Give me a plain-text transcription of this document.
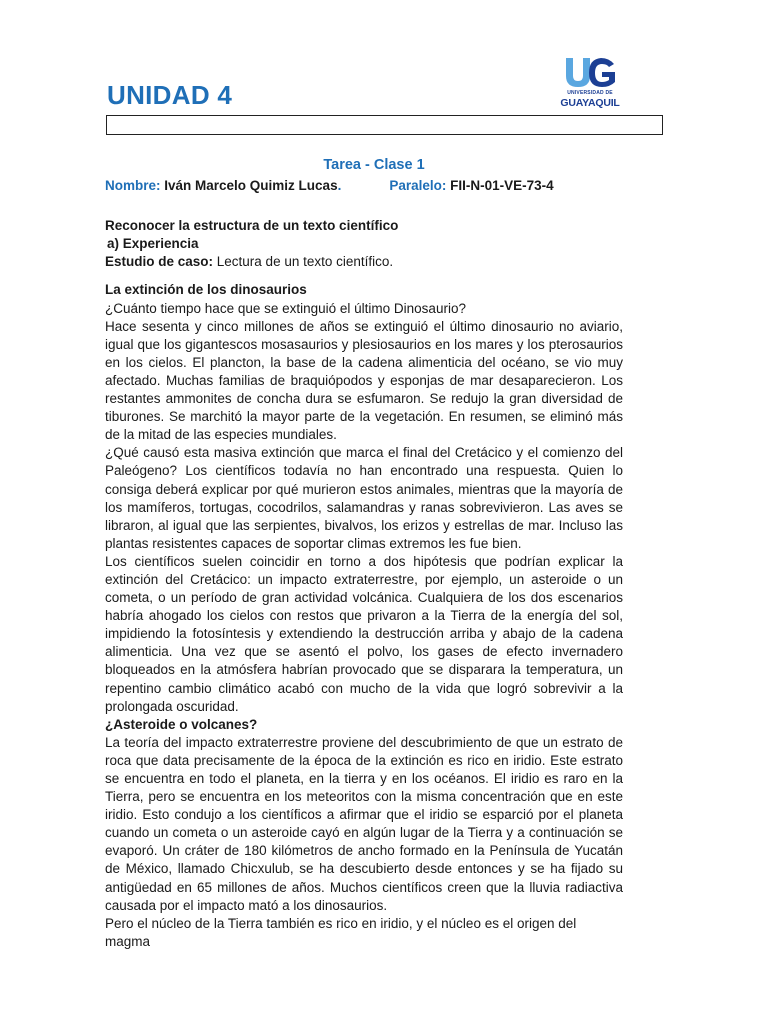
UNIDAD 4	UNIVERSIDAD DE
GUAYAQUIL

Tarea - Clase 1

Nombre: Iván Marcelo Quimiz Lucas.	Paralelo: FII-N-01-VE-73-4

Reconocer la estructura de un texto científico

a) Experiencia

Estudio de caso: Lectura de un texto científico.

La extinción de los dinosaurios

¿Cuánto tiempo hace que se extinguió el último Dinosaurio?

Hace sesenta y cinco millones de años se extinguió el último dinosaurio no aviario, igual que los gigantescos mosasaurios y plesiosaurios en los mares y los pterosaurios en los cielos. El plancton, la base de la cadena alimenticia del océano, se vio muy afectado. Muchas familias de braquiópodos y esponjas de mar desaparecieron. Los restantes ammonites de concha dura se esfumaron. Se redujo la gran diversidad de tiburones. Se marchitó la mayor parte de la vegetación. En resumen, se eliminó más de la mitad de las especies mundiales.

¿Qué causó esta masiva extinción que marca el final del Cretácico y el comienzo del Paleógeno? Los científicos todavía no han encontrado una respuesta. Quien lo consiga deberá explicar por qué murieron estos animales, mientras que la mayoría de los mamíferos, tortugas, cocodrilos, salamandras y ranas sobrevivieron. Las aves se libraron, al igual que las serpientes, bivalvos, los erizos y estrellas de mar. Incluso las plantas resistentes capaces de soportar climas extremos les fue bien.

Los científicos suelen coincidir en torno a dos hipótesis que podrían explicar la extinción del Cretácico: un impacto extraterrestre, por ejemplo, un asteroide o un cometa, o un período de gran actividad volcánica. Cualquiera de los dos escenarios habría ahogado los cielos con restos que privaron a la Tierra de la energía del sol, impidiendo la fotosíntesis y extendiendo la destrucción arriba y abajo de la cadena alimenticia. Una vez que se asentó el polvo, los gases de efecto invernadero bloqueados en la atmósfera habrían provocado que se disparara la temperatura, un repentino cambio climático acabó con mucho de la vida que logró sobrevivir a la prolongada oscuridad.

¿Asteroide o volcanes?

La teoría del impacto extraterrestre proviene del descubrimiento de que un estrato de roca que data precisamente de la época de la extinción es rico en iridio. Este estrato se encuentra en todo el planeta, en la tierra y en los océanos. El iridio es raro en la Tierra, pero se encuentra en los meteoritos con la misma concentración que en este iridio. Esto condujo a los científicos a afirmar que el iridio se esparció por el planeta cuando un cometa o un asteroide cayó en algún lugar de la Tierra y a continuación se evaporó. Un cráter de 180 kilómetros de ancho formado en la Península de Yucatán de México, llamado Chicxulub, se ha descubierto desde entonces y se ha fijado su antigüedad en 65 millones de años. Muchos científicos creen que la lluvia radiactiva causada por el impacto mató a los dinosaurios.

Pero el núcleo de la Tierra también es rico en iridio, y el núcleo es el origen del magma
